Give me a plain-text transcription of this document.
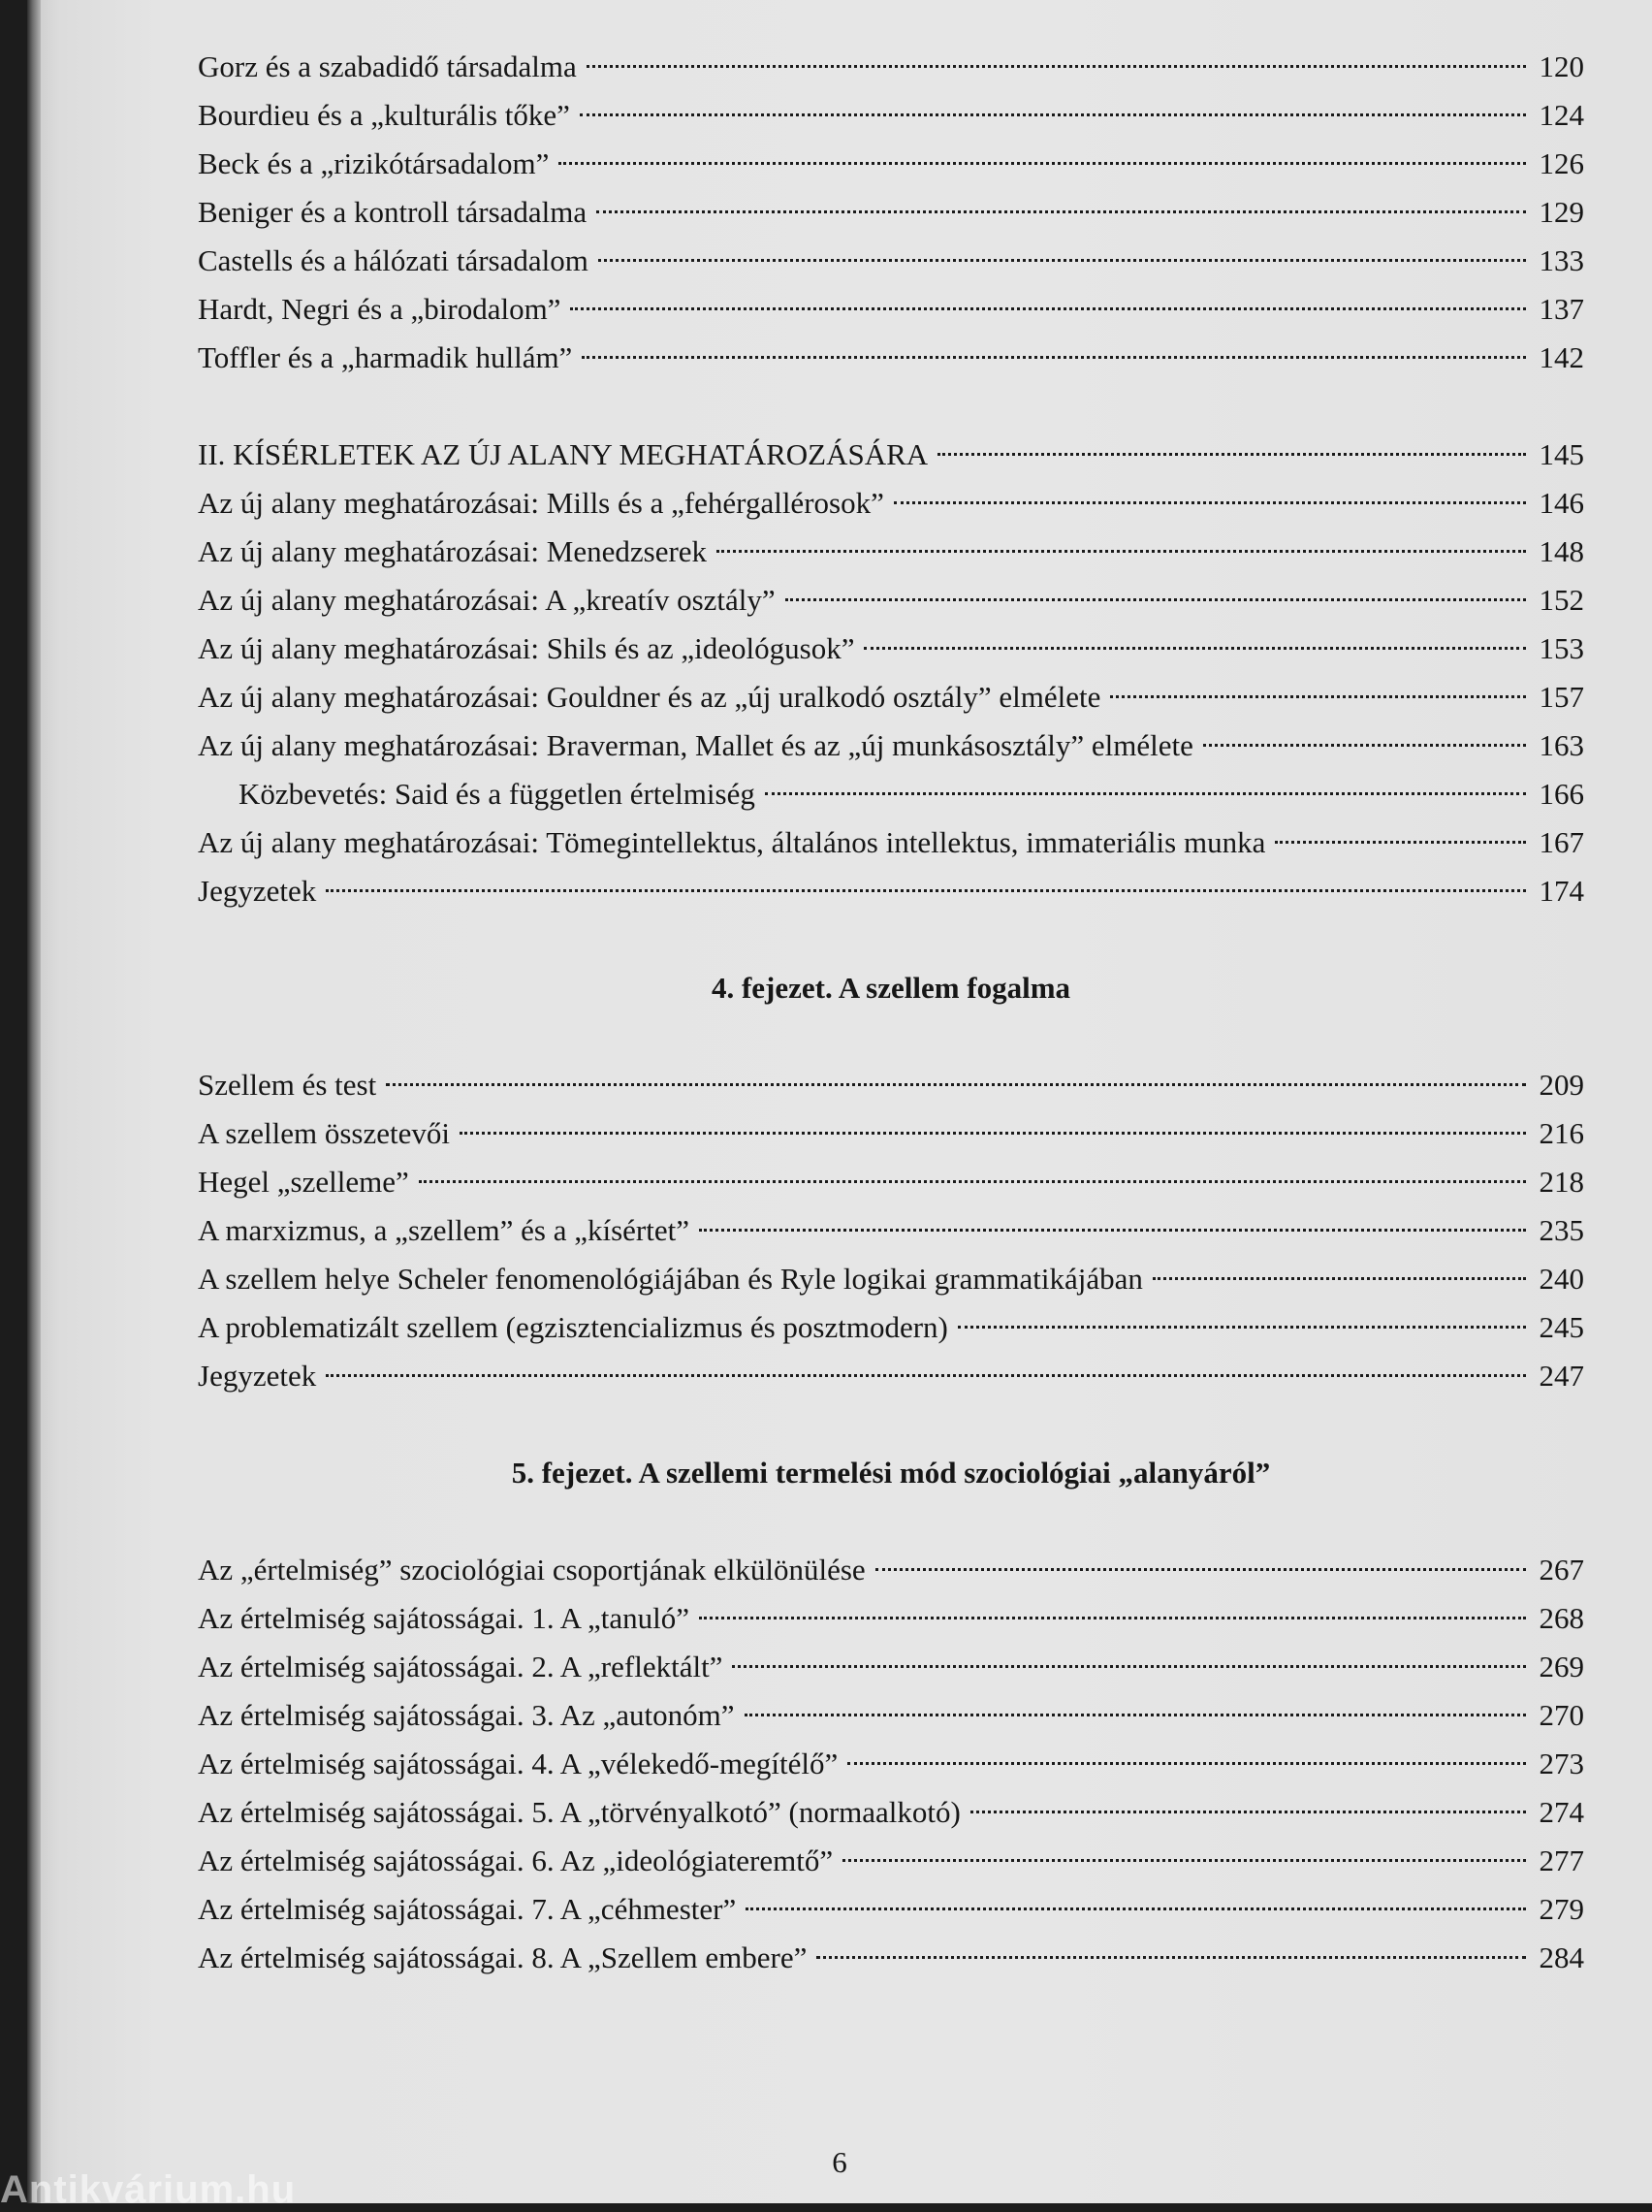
Gorz és a szabadidő társadalma	120
Bourdieu és a „kulturális tőke”	124
Beck és a „rizikótársadalom”	126
Beniger és a kontroll társadalma	129
Castells és a hálózati társadalom	133
Hardt, Negri és a „birodalom”	137
Toffler és a „harmadik hullám”	142
II. KÍSÉRLETEK AZ ÚJ ALANY MEGHATÁROZÁSÁRA	145
Az új alany meghatározásai: Mills és a „fehérgallérosok”	146
Az új alany meghatározásai: Menedzserek	148
Az új alany meghatározásai: A „kreatív osztály”	152
Az új alany meghatározásai: Shils és az „ideológusok”	153
Az új alany meghatározásai: Gouldner és az „új uralkodó osztály” elmélete	157
Az új alany meghatározásai: Braverman, Mallet és az „új munkásosztály” elmélete	163
Közbevetés: Said és a független értelmiség	166
Az új alany meghatározásai: Tömegintellektus, általános intellektus, immateriális munka	167
Jegyzetek	174
4. fejezet. A szellem fogalma
Szellem és test	209
A szellem összetevői	216
Hegel „szelleme”	218
A marxizmus, a „szellem” és a „kísértet”	235
A szellem helye Scheler fenomenológiájában és Ryle logikai grammatikájában	240
A problematizált szellem (egzisztencializmus és posztmodern)	245
Jegyzetek	247
5. fejezet. A szellemi termelési mód szociológiai „alanyáról”
Az „értelmiség” szociológiai csoportjának elkülönülése	267
Az értelmiség sajátosságai. 1. A „tanuló”	268
Az értelmiség sajátosságai. 2. A „reflektált”	269
Az értelmiség sajátosságai. 3. Az „autonóm”	270
Az értelmiség sajátosságai. 4. A „vélekedő-megítélő”	273
Az értelmiség sajátosságai. 5. A „törvényalkotó” (normaalkotó)	274
Az értelmiség sajátosságai. 6. Az „ideológiateremtő”	277
Az értelmiség sajátosságai. 7. A „céhmester”	279
Az értelmiség sajátosságai. 8. A „Szellem embere”	284
6
Antikvárium.hu
